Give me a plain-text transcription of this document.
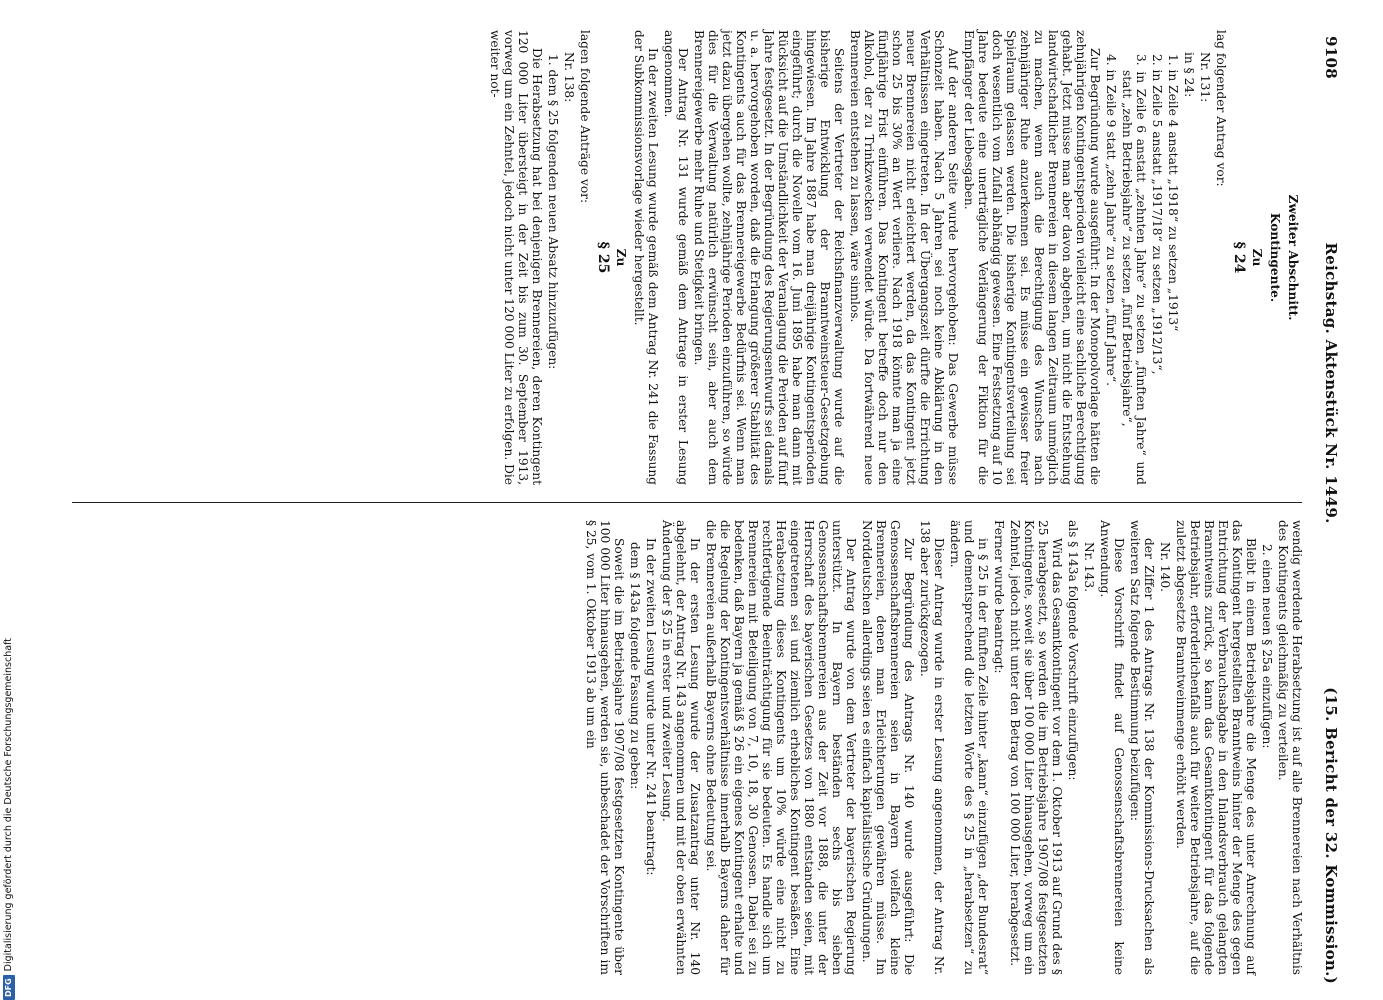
9108
Reichstag. Aktenstück Nr. 1449.
(15. Bericht der 32. Kommission.)

Zweiter Abschnitt.

Kontingente.

Zu

§ 24

lag folgender Antrag vor:

Nr. 131:

in § 24:

1. in Zeile 4 anstatt „1918“ zu setzen „1913“

2. in Zeile 5 anstatt „1917/18“ zu setzen „1912/13“,

3. in Zeile 6 anstatt „zehnten Jahre“ zu setzen „fünften Jahre“ und statt „zehn Betriebsjahre“ zu setzen „fünf Betriebsjahre“,

4. in Zeile 9 statt „zehn Jahre“ zu setzen „fünf Jahre“.

Zur Begründung wurde ausgeführt: In der Monopolvorlage hätten die zehnjährigen Kontingentsperioden vielleicht eine sachliche Berechtigung gehabt. Jetzt müsse man aber davon abgehen, um nicht die Entstehung landwirtschaftlicher Brennereien in diesem langen Zeitraum unmöglich zu machen, wenn auch die Berechtigung des Wunsches nach zehnjähriger Ruhe anzuerkennen sei. Es müsse ein gewisser freier Spielraum gelassen werden. Die bisherige Kontingentsverteilung sei doch wesentlich vom Zufall abhängig gewesen. Eine Festsetzung auf 10 Jahre bedeute eine unerträgliche Verlängerung der Fiktion für die Empfänger der Liebesgaben.

Auf der anderen Seite wurde hervorgehoben: Das Gewerbe müsse Schonzeit haben. Nach 5 Jahren sei noch keine Abklärung in den Verhältnissen eingetreten. In der Übergangszeit dürfte die Errichtung neuer Brennereien nicht erleichtert werden, da das Kontingent jetzt schon 25 bis 30% an Wert verliere. Nach 1918 könnte man ja eine fünfjährige Frist einführen. Das Kontingent betreffe doch nur den Alkohol, der zu Trinkzwecken verwendet würde. Da fortwährend neue Brennereien entstehen zu lassen, wäre sinnlos.

Seitens der Vertreter der Reichsfinanzverwaltung wurde auf die bisherige Entwicklung der Branntweinsteuer-Gesetzgebung hingewiesen. Im Jahre 1887 habe man dreijährige Kontingentsperioden eingeführt; durch die Novelle vom 16. Juni 1895 habe man dann mit Rücksicht auf die Umständlichkeit der Veranlagung die Perioden auf fünf Jahre festgesetzt. In der Begründung des Regierungsentwurfs sei damals u. a. hervorgehoben worden, daß die Erlangung größerer Stabilität des Kontingents auch für das Brennereigewerbe Bedürfnis sei. Wenn man jetzt dazu übergehen wollte, zehnjährige Perioden einzuführen, so würde dies für die Verwaltung natürlich erwünscht sein, aber auch dem Brennereigewerbe mehr Ruhe und Stetigkeit bringen.

Der Antrag Nr. 131 wurde gemäß dem Antrage in erster Lesung angenommen.

In der zweiten Lesung wurde gemäß dem Antrag Nr. 241 die Fassung der Subkommissionsvorlage wieder hergestellt.

Zu

§ 25

lagen folgende Anträge vor:

Nr. 138:

1. dem § 25 folgenden neuen Absatz hinzuzufügen:

Die Herabsetzung hat bei denjenigen Brennereien, deren Kontingent 120 000 Liter übersteigt in der Zeit bis zum 30. September 1913, vorweg um ein Zehntel, jedoch nicht unter 120 000 Liter zu erfolgen. Die weiter not-

wendig werdende Herabsetzung ist auf alle Brennereien nach Verhältnis des Kontingents gleichmäßig zu verteilen.

2. einen neuen § 25a einzufügen:

Bleibt in einem Betriebsjahre die Menge des unter Anrechnung auf das Kontingent hergestellten Branntweins hinter der Menge des gegen Entrichtung der Verbrauchsabgabe in den Inlandsverbrauch gelangten Branntweins zurück, so kann das Gesamtkontingent für das folgende Betriebsjahr, erforderlichenfalls auch für weitere Betriebsjahre, auf die zuletzt abgesetzte Branntweinmenge erhöht werden.

Nr. 140.

der Ziffer 1 des Antrags Nr. 138 der Kommissions-Drucksachen als weiteren Satz folgende Bestimmung beizufügen:

Diese Vorschrift findet auf Genossenschaftsbrennereien keine Anwendung.

Nr. 143.

als § 143a folgende Vorschrift einzufügen:

Wird das Gesamtkontingent vor dem 1. Oktober 1913 auf Grund des § 25 herabgesetzt, so werden die im Betriebsjahre 1907/08 festgesetzten Kontingente, soweit sie über 100 000 Liter hinausgehen, vorweg um ein Zehntel, jedoch nicht unter den Betrag von 100 000 Liter, herabgesetzt.

Ferner wurde beantragt:

in § 25 in der fünften Zeile hinter „kann“ einzufügen „der Bundesrat“ und dementsprechend die letzten Worte des § 25 in „herabsetzen“ zu ändern.

Dieser Antrag wurde in erster Lesung angenommen, der Antrag Nr. 138 aber zurückgezogen.

Zur Begründung des Antrags Nr. 140 wurde ausgeführt: Die Genossenschaftsbrennereien seien in Bayern vielfach kleine Brennereien, denen man Erleichterungen gewähren müsse. Im Norddeutschen allerdings seien es einfach kapitalistische Gründungen.

Der Antrag wurde von dem Vertreter der bayerischen Regierung unterstützt. In Bayern beständen sechs bis sieben Genossenschaftsbrennereien aus der Zeit vor 1888, die unter der Herrschaft des bayerischen Gesetzes von 1880 entstanden seien, mit eingetretenen sei und ziemlich erhebliches Kontingent besäßen. Eine Herabsetzung dieses Kontingents um 10% würde eine nicht zu rechtfertigende Beeinträchtigung für sie bedeuten. Es handle sich um Brennereien mit Beteiligung von 7, 10, 18, 30 Genossen. Dabei sei zu bedenken, daß Bayern ja gemäß § 26 ein eigenes Kontingent erhalte und die Regelung der Kontingentsverhältnisse innerhalb Bayerns daher für die Brennereien außerhalb Bayerns ohne Bedeutung sei.

In der ersten Lesung wurde der Zusatzantrag unter Nr. 140 abgelehnt, der Antrag Nr. 143 angenommen und mit der oben erwähnten Änderung der § 25 in erster und zweiter Lesung.

In der zweiten Lesung wurde unter Nr. 241 beantragt:

dem § 143a folgende Fassung zu geben:

Soweit die im Betriebsjahre 1907/08 festgesetzten Kontingente über 100 000 Liter hinausgehen, werden sie, unbeschadet der Vorschriften im § 25, vom 1. Oktober 1913 ab um ein

DFG
Digitalisierung gefördert durch die Deutsche Forschungsgemeinschaft
